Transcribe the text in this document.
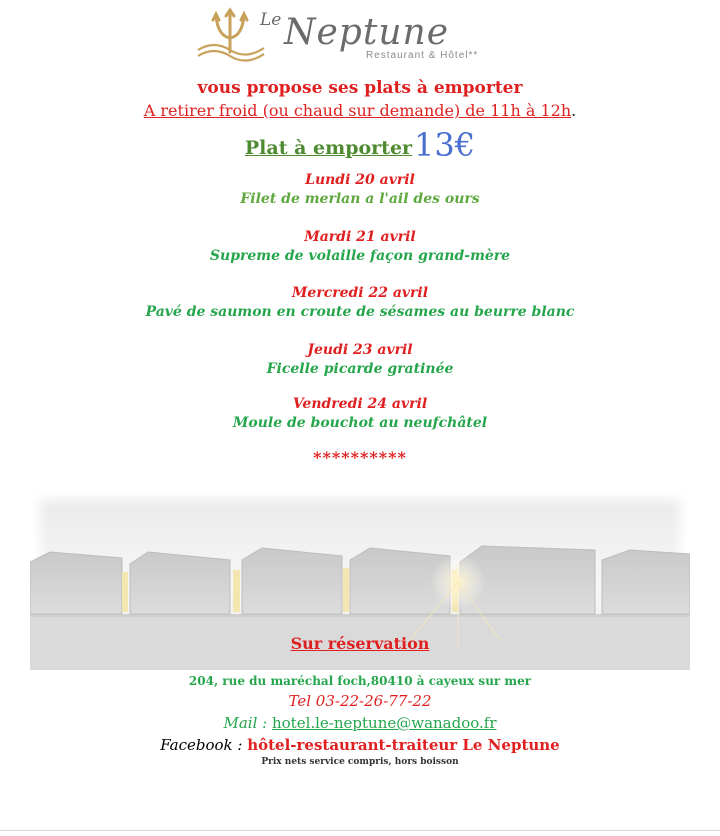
Le Neptune
Restaurant & Hôtel**
vous propose ses plats à emporter
A retirer froid (ou chaud sur demande) de 11h à 12h.
Plat à emporter13€
Lundi 20 avril
Filet de merlan a l'ail des ours
Mardi 21 avril
Supreme de volaille façon grand-mère
Mercredi 22 avril
Pavé de saumon en croute de sésames au beurre blanc
Jeudi 23 avril
Ficelle picarde gratinée
Vendredi 24 avril
Moule de bouchot au neufchâtel
**********
Sur réservation
204, rue du maréchal foch,80410 à cayeux sur mer
Tel 03-22-26-77-22
Mail : hotel.le-neptune@wanadoo.fr
Facebook : hôtel-restaurant-traiteur Le Neptune
Prix nets service compris, hors boisson
